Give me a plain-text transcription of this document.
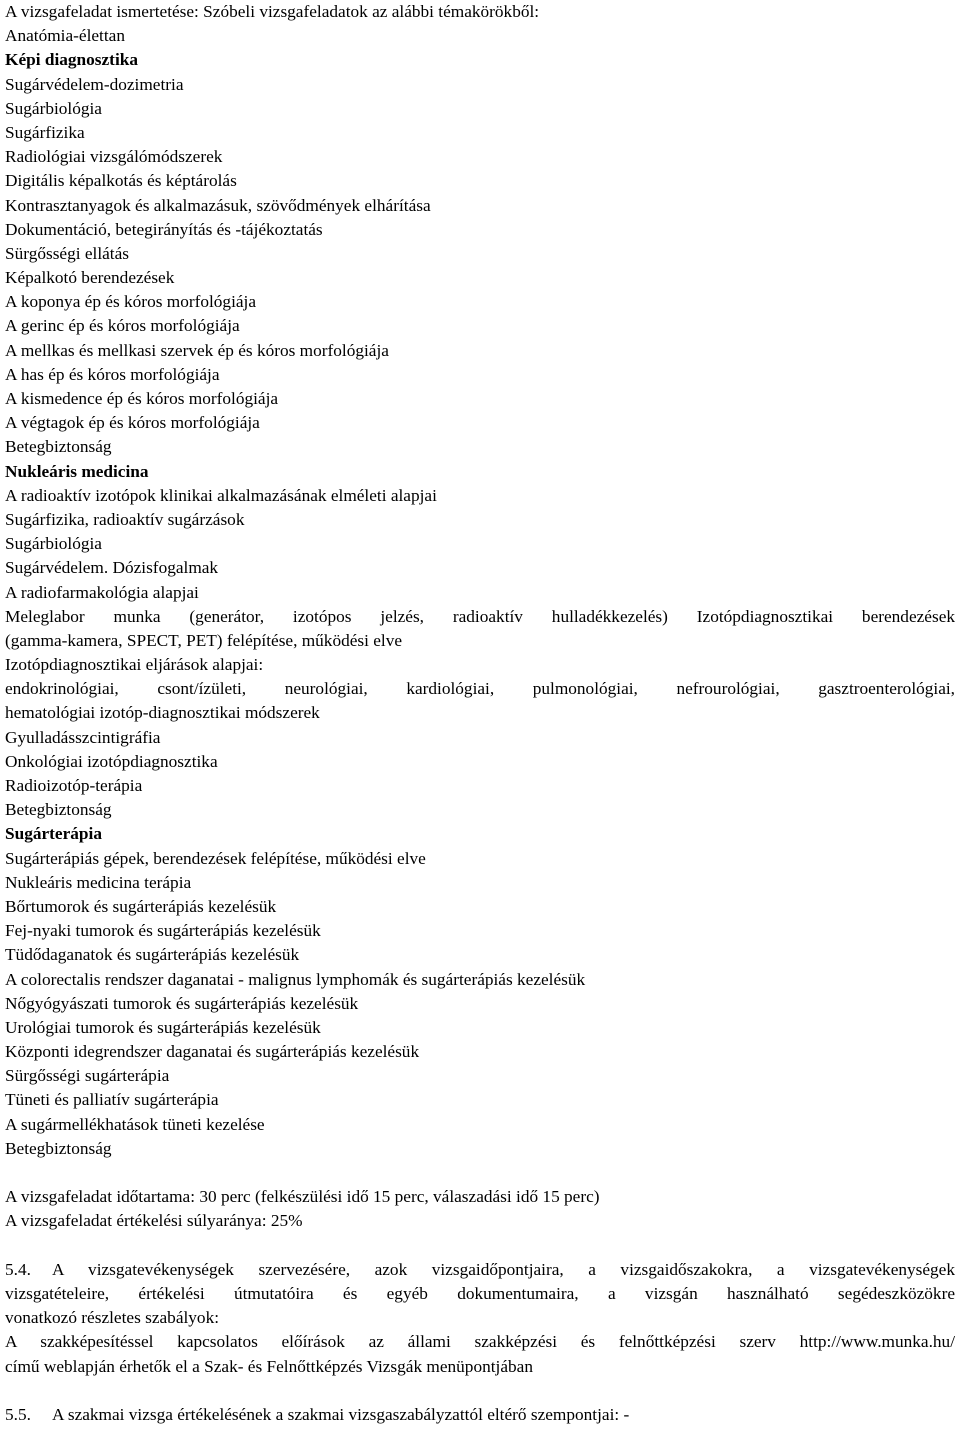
A vizsgafeladat ismertetése: Szóbeli vizsgafeladatok az alábbi témakörökből:
Anatómia-élettan
Képi diagnosztika
Sugárvédelem-dozimetria
Sugárbiológia
Sugárfizika
Radiológiai vizsgálómódszerek
Digitális képalkotás és képtárolás
Kontrasztanyagok és alkalmazásuk, szövődmények elhárítása
Dokumentáció, betegirányítás és -tájékoztatás
Sürgősségi ellátás
Képalkotó berendezések
A koponya ép és kóros morfológiája
A gerinc ép és kóros morfológiája
A mellkas és mellkasi szervek ép és kóros morfológiája
A has ép és kóros morfológiája
A kismedence ép és kóros morfológiája
A végtagok ép és kóros morfológiája
Betegbiztonság
Nukleáris medicina
A radioaktív izotópok klinikai alkalmazásának elméleti alapjai
Sugárfizika, radioaktív sugárzások
Sugárbiológia
Sugárvédelem. Dózisfogalmak
A radiofarmakológia alapjai
Meleglabor munka (generátor, izotópos jelzés, radioaktív hulladékkezelés) Izotópdiagnosztikai berendezések
(gamma-kamera, SPECT, PET) felépítése, működési elve
Izotópdiagnosztikai eljárások alapjai:
endokrinológiai, csont/ízületi, neurológiai, kardiológiai, pulmonológiai, nefrourológiai, gasztroenterológiai,
hematológiai izotóp-diagnosztikai módszerek
Gyulladásszcintigráfia
Onkológiai izotópdiagnosztika
Radioizotóp-terápia
Betegbiztonság
Sugárterápia
Sugárterápiás gépek, berendezések felépítése, működési elve
Nukleáris medicina terápia
Bőrtumorok és sugárterápiás kezelésük
Fej-nyaki tumorok és sugárterápiás kezelésük
Tüdődaganatok és sugárterápiás kezelésük
A colorectalis rendszer daganatai - malignus lymphomák és sugárterápiás kezelésük
Nőgyógyászati tumorok és sugárterápiás kezelésük
Urológiai tumorok és sugárterápiás kezelésük
Központi idegrendszer daganatai és sugárterápiás kezelésük
Sürgősségi sugárterápia
Tüneti és palliatív sugárterápia
A sugármellékhatások tüneti kezelése
Betegbiztonság
A vizsgafeladat időtartama: 30 perc (felkészülési idő 15 perc, válaszadási idő 15 perc)
A vizsgafeladat értékelési súlyaránya: 25%
5.4. A vizsgatevékenységek szervezésére, azok vizsgaidőpontjaira, a vizsgaidőszakokra, a vizsgatevékenységek
vizsgatételeire, értékelési útmutatóira és egyéb dokumentumaira, a vizsgán használható segédeszközökre
vonatkozó részletes szabályok:
A szakképesítéssel kapcsolatos előírások az állami szakképzési és felnőttképzési szerv http://www.munka.hu/
című weblapján érhetők el a Szak- és Felnőttképzés Vizsgák menüpontjában
5.5. A szakmai vizsga értékelésének a szakmai vizsgaszabályzattól eltérő szempontjai: -
